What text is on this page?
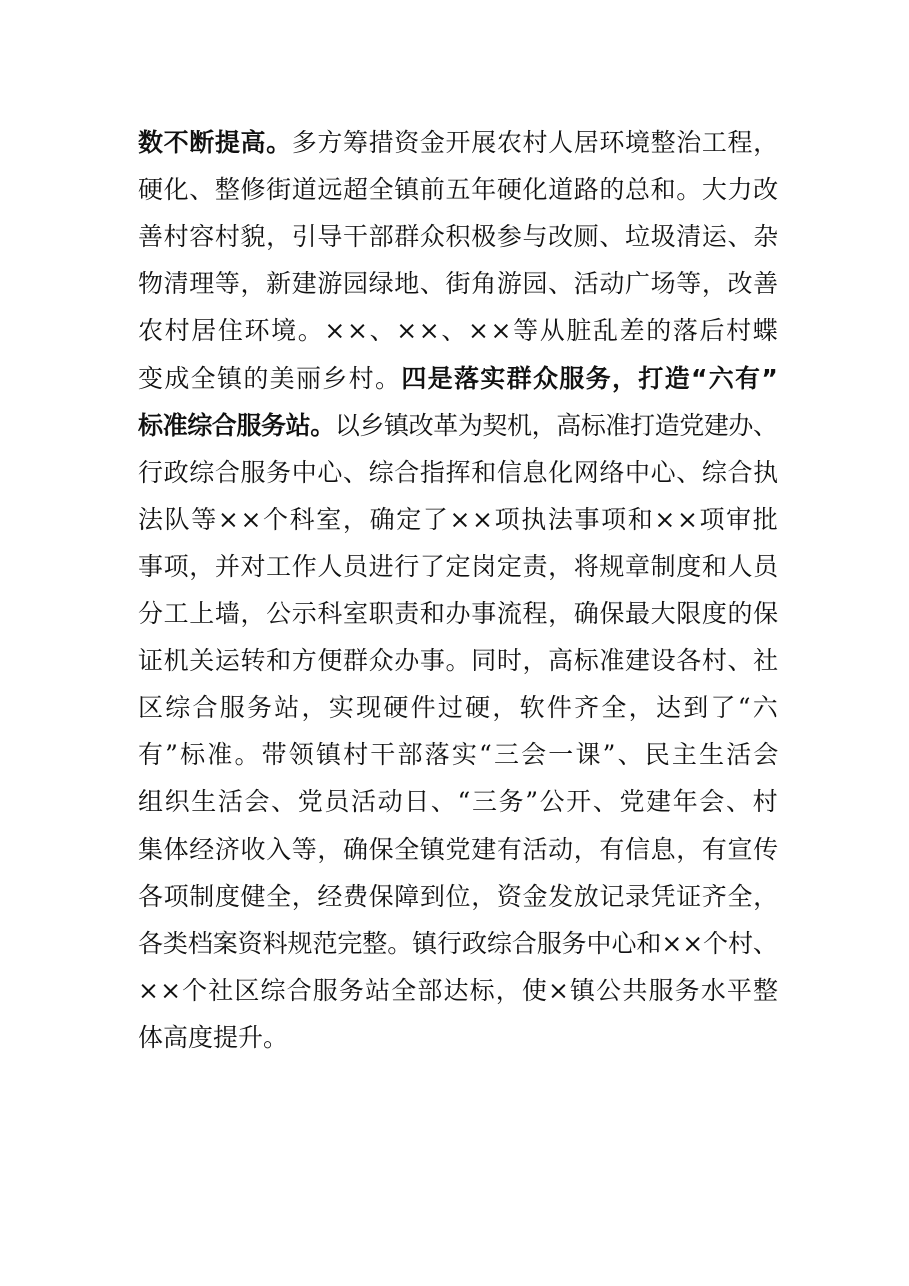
数不断提高。多方筹措资金开展农村人居环境整治工程，
硬化、整修街道远超全镇前五年硬化道路的总和。大力改
善村容村貌，引导干部群众积极参与改厕、垃圾清运、杂
物清理等，新建游园绿地、街角游园、活动广场等，改善
农村居住环境。××、××、××等从脏乱差的落后村蝶
变成全镇的美丽乡村。四是落实群众服务，打造“六有”
标准综合服务站。以乡镇改革为契机，高标准打造党建办、
行政综合服务中心、综合指挥和信息化网络中心、综合执
法队等××个科室，确定了××项执法事项和××项审批
事项，并对工作人员进行了定岗定责，将规章制度和人员
分工上墙，公示科室职责和办事流程，确保最大限度的保
证机关运转和方便群众办事。同时，高标准建设各村、社
区综合服务站，实现硬件过硬，软件齐全，达到了“六
有”标准。带领镇村干部落实“三会一课”、民主生活会
组织生活会、党员活动日、“三务”公开、党建年会、村
集体经济收入等，确保全镇党建有活动，有信息，有宣传
各项制度健全，经费保障到位，资金发放记录凭证齐全，
各类档案资料规范完整。镇行政综合服务中心和××个村、
××个社区综合服务站全部达标，使×镇公共服务水平整
体高度提升。
